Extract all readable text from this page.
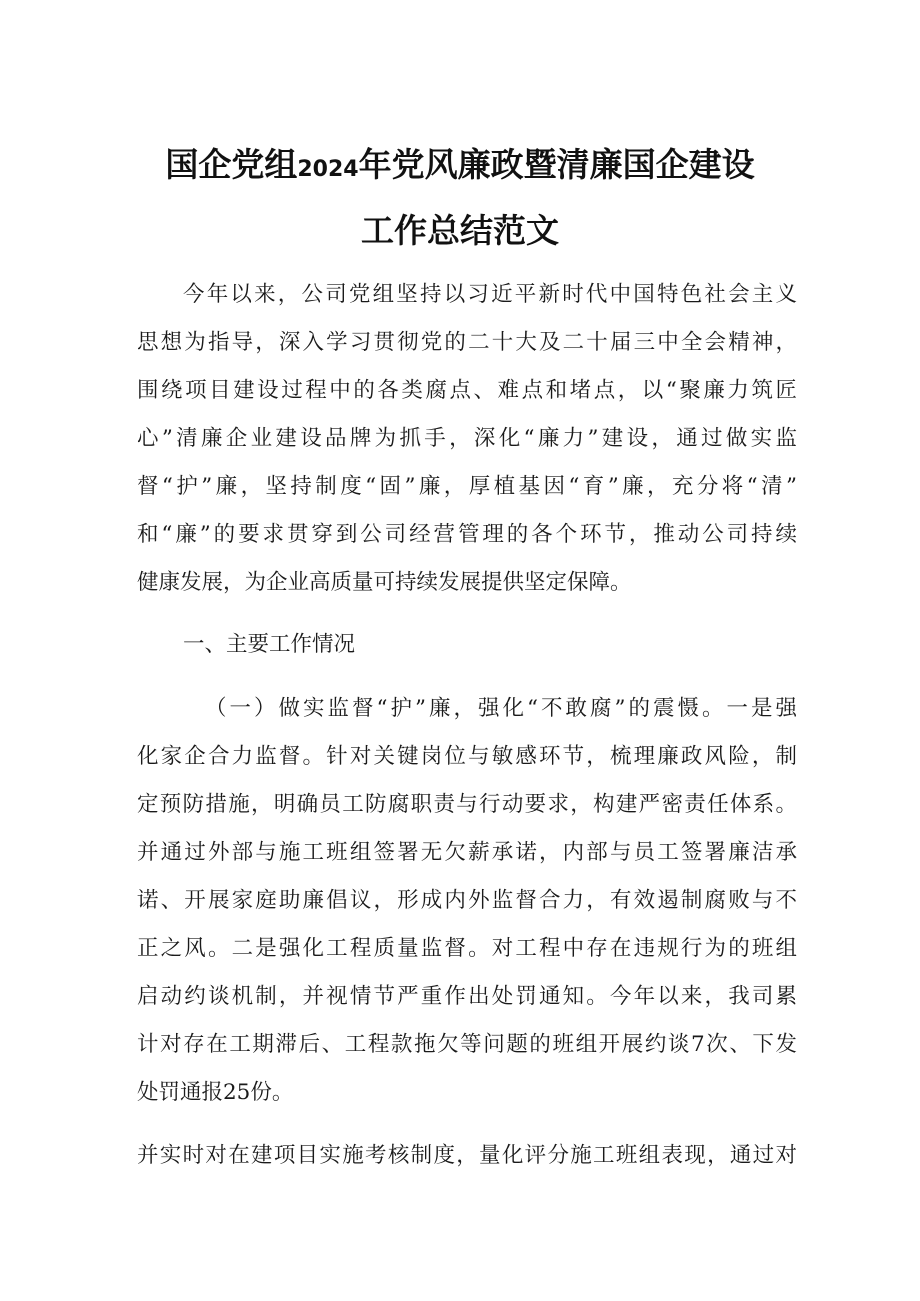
国企党组2024年党风廉政暨清廉国企建设
工作总结范文
今年以来，公司党组坚持以习近平新时代中国特色社会主义
思想为指导，深入学习贯彻党的二十大及二十届三中全会精神，
围绕项目建设过程中的各类腐点、难点和堵点，以“聚廉力筑匠
心”清廉企业建设品牌为抓手，深化“廉力”建设，通过做实监
督“护”廉，坚持制度“固”廉，厚植基因“育”廉，充分将“清”
和“廉”的要求贯穿到公司经营管理的各个环节，推动公司持续
健康发展，为企业高质量可持续发展提供坚定保障。
一、主要工作情况
（一）做实监督“护”廉，强化“不敢腐”的震慑。一是强
化家企合力监督。针对关键岗位与敏感环节，梳理廉政风险，制
定预防措施，明确员工防腐职责与行动要求，构建严密责任体系。
并通过外部与施工班组签署无欠薪承诺，内部与员工签署廉洁承
诺、开展家庭助廉倡议，形成内外监督合力，有效遏制腐败与不
正之风。二是强化工程质量监督。对工程中存在违规行为的班组
启动约谈机制，并视情节严重作出处罚通知。今年以来，我司累
计对存在工期滞后、工程款拖欠等问题的班组开展约谈7次、下发
处罚通报25份。
并实时对在建项目实施考核制度，量化评分施工班组表现，通过对
